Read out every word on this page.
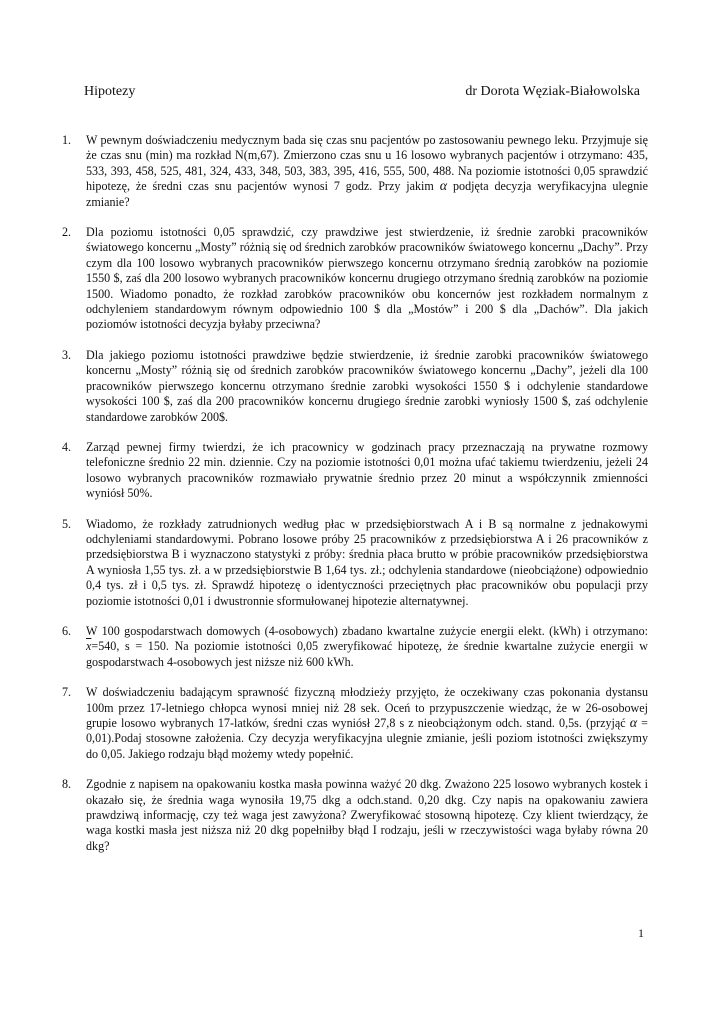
Hipotezy	dr Dorota Węziak-Białowolska
1. W pewnym doświadczeniu medycznym bada się czas snu pacjentów po zastosowaniu pewnego leku. Przyjmuje się że czas snu (min) ma rozkład N(m,67). Zmierzono czas snu u 16 losowo wybranych pacjentów i otrzymano: 435, 533, 393, 458, 525, 481, 324, 433, 348, 503, 383, 395, 416, 555, 500, 488. Na poziomie istotności 0,05 sprawdzić hipotezę, że średni czas snu pacjentów wynosi 7 godz. Przy jakim α podjęta decyzja weryfikacyjna ulegnie zmianie?
2. Dla poziomu istotności 0,05 sprawdzić, czy prawdziwe jest stwierdzenie, iż średnie zarobki pracowników światowego koncernu „Mosty” różnią się od średnich zarobków pracowników światowego koncernu „Dachy”. Przy czym dla 100 losowo wybranych pracowników pierwszego koncernu otrzymano średnią zarobków na poziomie 1550 $, zaś dla 200 losowo wybranych pracowników koncernu drugiego otrzymano średnią zarobków na poziomie 1500. Wiadomo ponadto, że rozkład zarobków pracowników obu koncernów jest rozkładem normalnym z odchyleniem standardowym równym odpowiednio 100 $ dla „Mostów” i 200 $ dla „Dachów”. Dla jakich poziomów istotności decyzja byłaby przeciwna?
3. Dla jakiego poziomu istotności prawdziwe będzie stwierdzenie, iż średnie zarobki pracowników światowego koncernu „Mosty” różnią się od średnich zarobków pracowników światowego koncernu „Dachy”, jeżeli dla 100 pracowników pierwszego koncernu otrzymano średnie zarobki wysokości 1550 $ i odchylenie standardowe wysokości 100 $, zaś dla 200 pracowników koncernu drugiego średnie zarobki wyniosły 1500 $, zaś odchylenie standardowe zarobków 200$.
4. Zarząd pewnej firmy twierdzi, że ich pracownicy w godzinach pracy przeznaczają na prywatne rozmowy telefoniczne średnio 22 min. dziennie. Czy na poziomie istotności 0,01 można ufać takiemu twierdzeniu, jeżeli 24 losowo wybranych pracowników rozmawiało prywatnie średnio przez 20 minut a współczynnik zmienności wyniósł 50%.
5. Wiadomo, że rozkłady zatrudnionych według płac w przedsiębiorstwach A i B są normalne z jednakowymi odchyleniami standardowymi. Pobrano losowe próby 25 pracowników z przedsiębiorstwa A i 26 pracowników z przedsiębiorstwa B i wyznaczono statystyki z próby: średnia płaca brutto w próbie pracowników przedsiębiorstwa A wyniosła 1,55 tys. zł. a w przedsiębiorstwie B 1,64 tys. zł.; odchylenia standardowe (nieobciążone) odpowiednio 0,4 tys. zł i 0,5 tys. zł. Sprawdź hipotezę o identyczności przeciętnych płac pracowników obu populacji przy poziomie istotności 0,01 i dwustronnie sformułowanej hipotezie alternatywnej.
6. W 100 gospodarstwach domowych (4-osobowych) zbadano kwartalne zużycie energii elekt. (kWh) i otrzymano: $\overline{x}=540$, s = 150. Na poziomie istotności 0,05 zweryfikować hipotezę, że średnie kwartalne zużycie energii w gospodarstwach 4-osobowych jest niższe niż 600 kWh.
7. W doświadczeniu badającym sprawność fizyczną młodzieży przyjęto, że oczekiwany czas pokonania dystansu 100m przez 17-letniego chłopca wynosi mniej niż 28 sek. Oceń to przypuszczenie wiedząc, że w 26-osobowej grupie losowo wybranych 17-latków, średni czas wyniósł 27,8 s z nieobciążonym odch. stand. 0,5s. (przyjąć α = 0,01).Podaj stosowne założenia. Czy decyzja weryfikacyjna ulegnie zmianie, jeśli poziom istotności zwiększymy do 0,05. Jakiego rodzaju błąd możemy wtedy popełnić.
8. Zgodnie z napisem na opakowaniu kostka masła powinna ważyć 20 dkg. Zważono 225 losowo wybranych kostek i okazało się, że średnia waga wynosiła 19,75 dkg a odch.stand. 0,20 dkg. Czy napis na opakowaniu zawiera prawdziwą informację, czy też waga jest zawyżona? Zweryfikować stosowną hipotezę. Czy klient twierdzący, że waga kostki masła jest niższa niż 20 dkg popełniłby błąd I rodzaju, jeśli w rzeczywistości waga byłaby równa 20 dkg?
1
